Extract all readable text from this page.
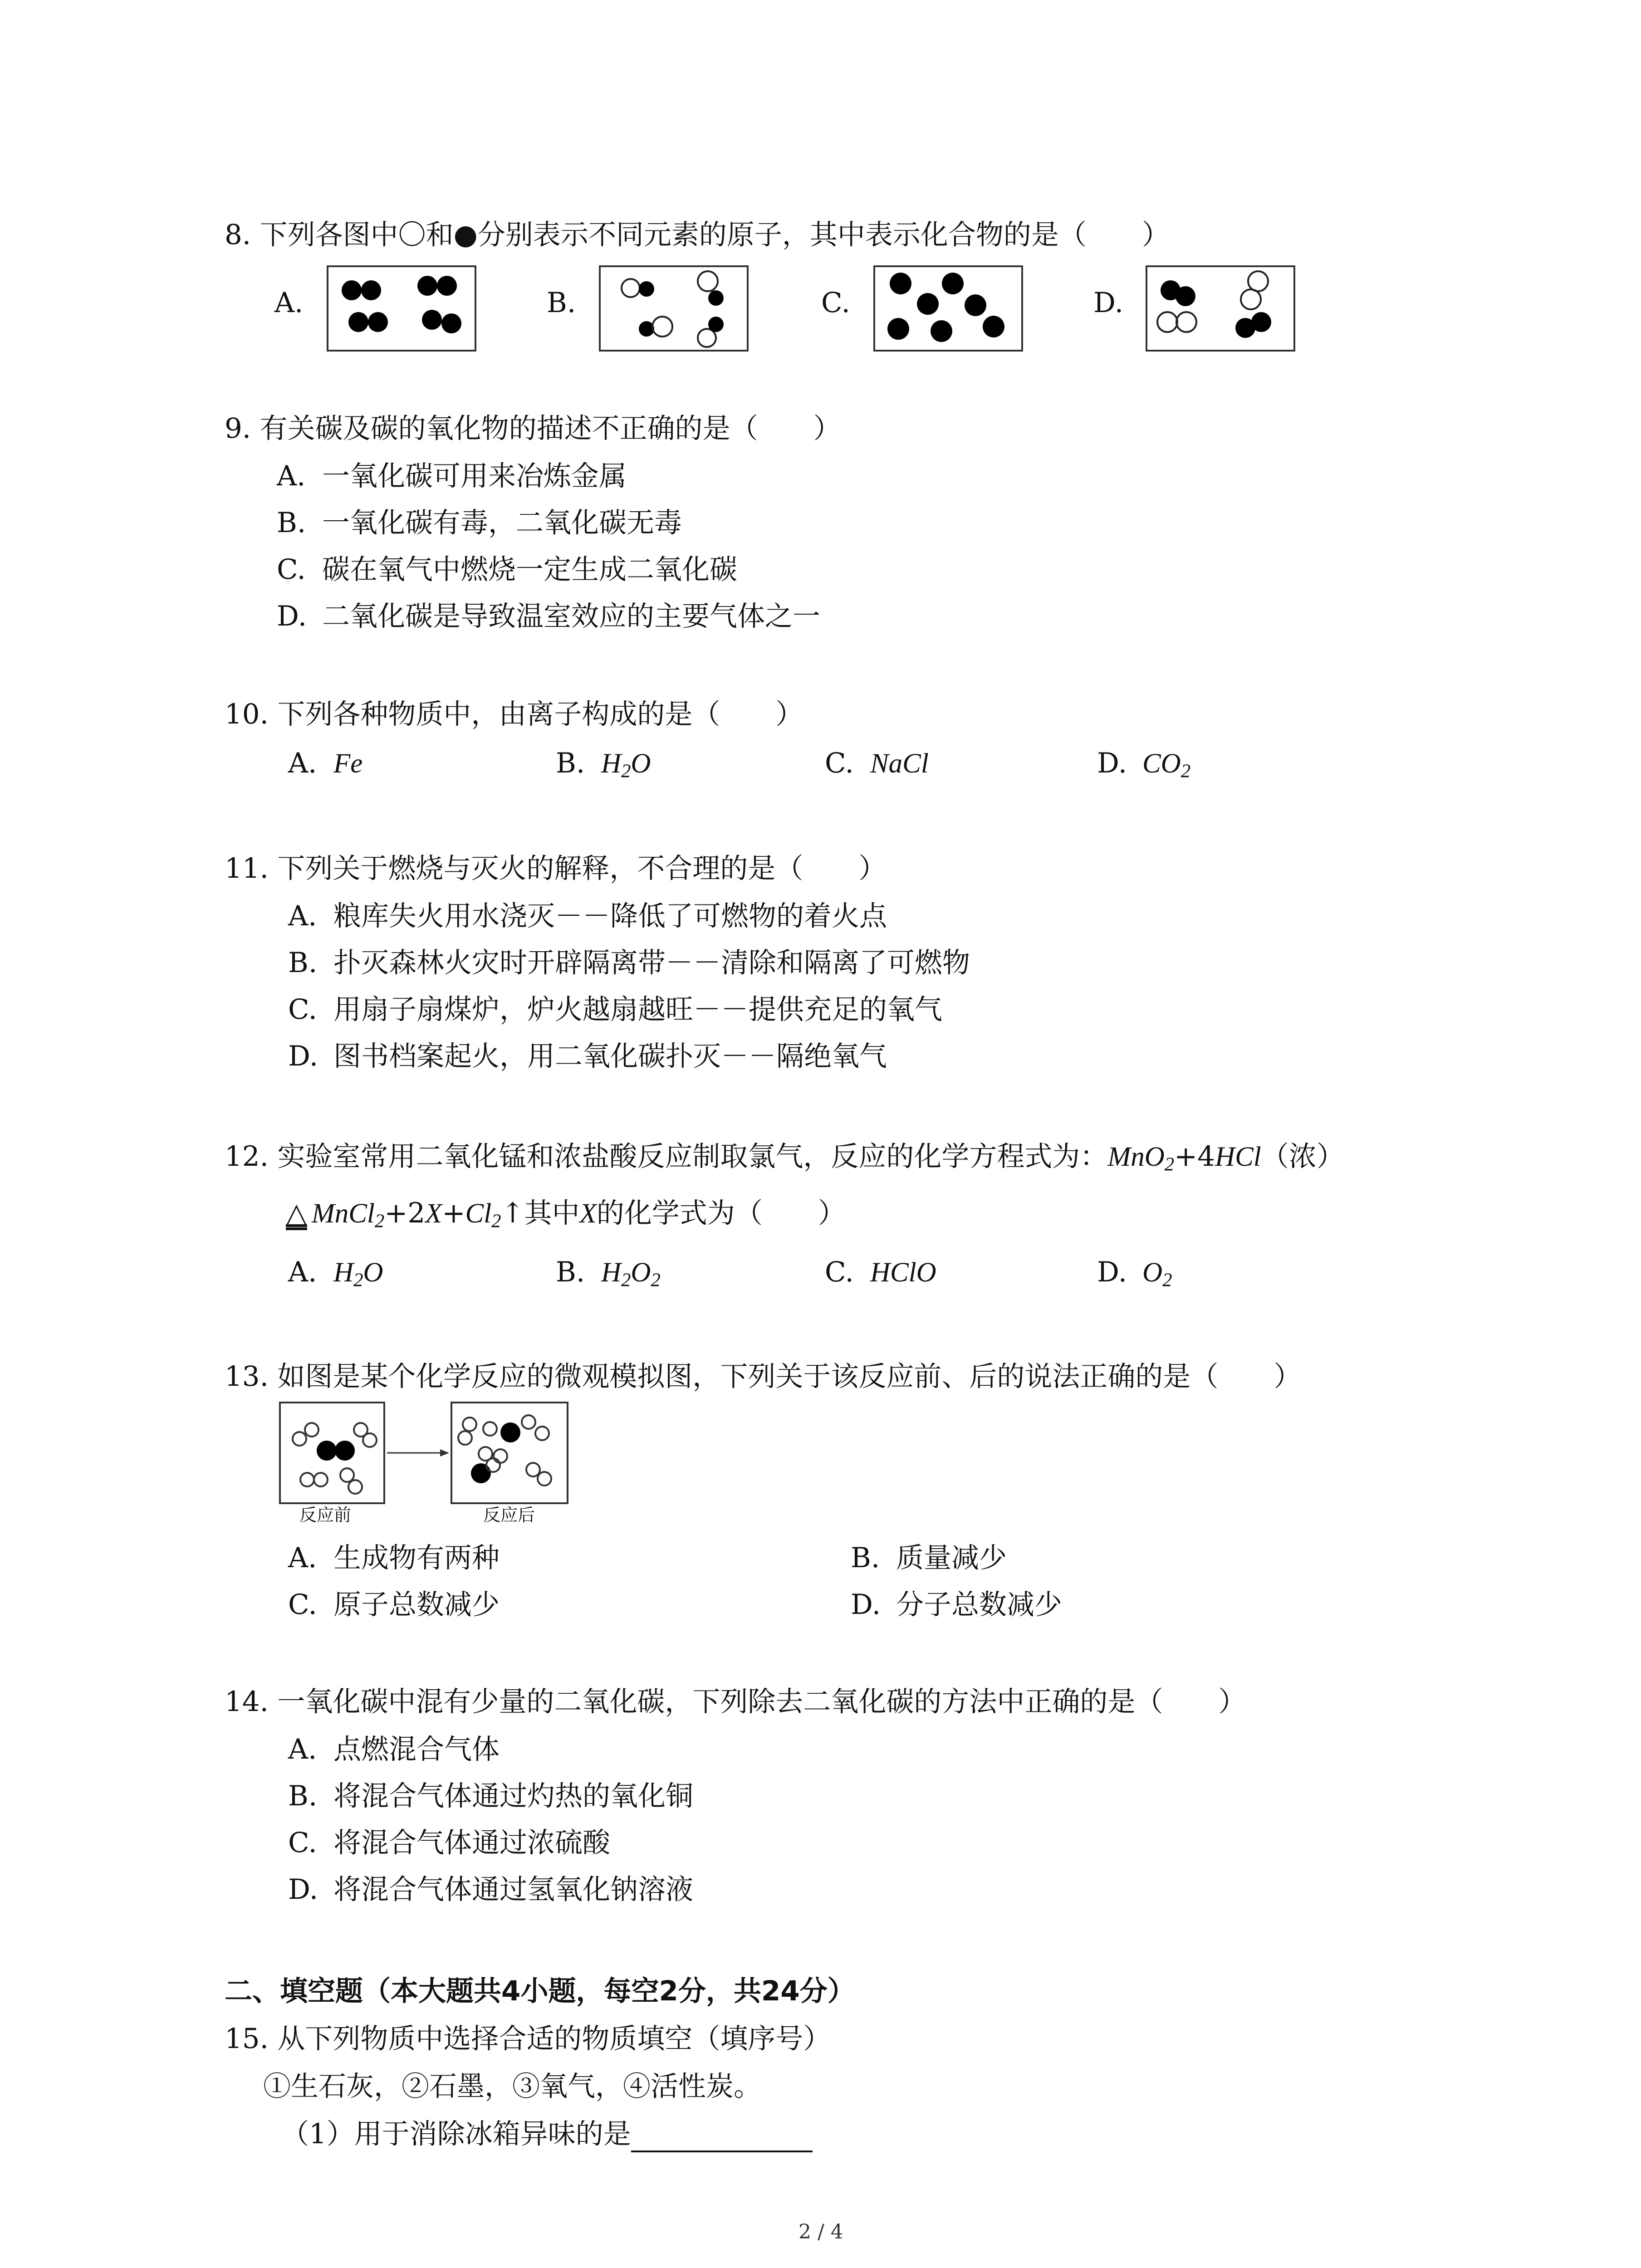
8. 下列各图中〇和●分别表示不同元素的原子，其中表示化合物的是（　　）
A.	B.	C.	D.
9. 有关碳及碳的氧化物的描述不正确的是（　　）
A. 一氧化碳可用来冶炼金属
B. 一氧化碳有毒，二氧化碳无毒
C. 碳在氧气中燃烧一定生成二氧化碳
D. 二氧化碳是导致温室效应的主要气体之一
10. 下列各种物质中，由离子构成的是（　　）
A. Fe	B. $H_2O$	C. NaCl	D. $CO_2$
11. 下列关于燃烧与灭火的解释，不合理的是（　　）
A. 粮库失火用水浇灭－－降低了可燃物的着火点
B. 扑灭森林火灾时开辟隔离带－－清除和隔离了可燃物
C. 用扇子扇煤炉，炉火越扇越旺－－提供充足的氧气
D. 图书档案起火，用二氧化碳扑灭－－隔绝氧气
12. 实验室常用二氧化锰和浓盐酸反应制取氯气，反应的化学方程式为：MnO$_2$+4HCl（浓）
△ $MnCl_2+2X+Cl_2↑$其中X的化学式为（　　）
A. $H_2O$	B. $H_2O_2$	C. HClO	D. $O_2$
13. 如图是某个化学反应的微观模拟图，下列关于该反应前、后的说法正确的是（　　）
反应前	反应后
A. 生成物有两种	B. 质量减少
C. 原子总数减少	D. 分子总数减少
14. 一氧化碳中混有少量的二氧化碳，下列除去二氧化碳的方法中正确的是（　　）
A. 点燃混合气体
B. 将混合气体通过灼热的氧化铜
C. 将混合气体通过浓硫酸
D. 将混合气体通过氢氧化钠溶液
二、填空题（本大题共4小题，每空2分，共24分）
15. 从下列物质中选择合适的物质填空（填序号）
①生石灰，②石墨，③氧气，④活性炭。
（1）用于消除冰箱异味的是
2 / 4
